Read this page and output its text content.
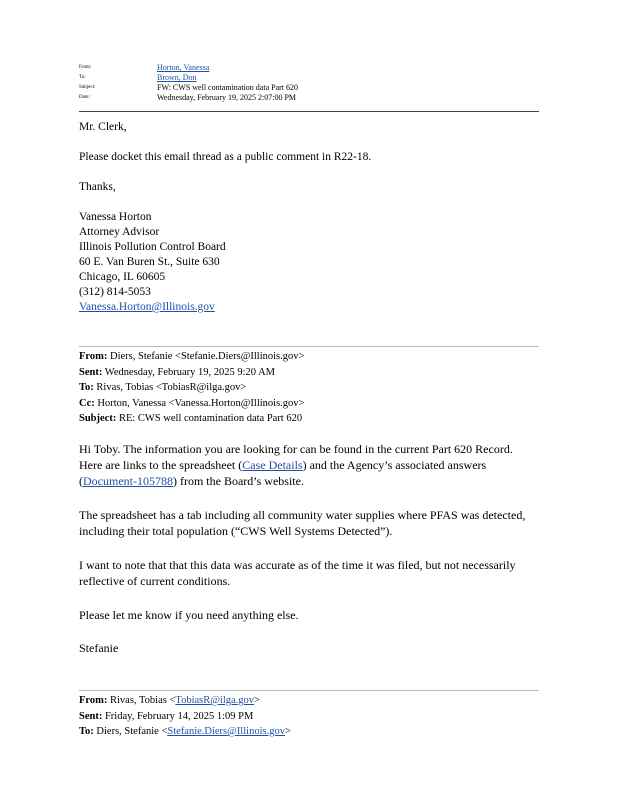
From:	Horton, Vanessa
To:	Brown, Don
Subject:	FW: CWS well contamination data Part 620
Date:	Wednesday, February 19, 2025 2:07:00 PM
Mr. Clerk,
Please docket this email thread as a public comment in R22-18.
Thanks,
Vanessa Horton
Attorney Advisor
Illinois Pollution Control Board
60 E. Van Buren St., Suite 630
Chicago, IL 60605
(312) 814-5053
Vanessa.Horton@Illinois.gov
From: Diers, Stefanie <Stefanie.Diers@Illinois.gov>
Sent: Wednesday, February 19, 2025 9:20 AM
To: Rivas, Tobias <TobiasR@ilga.gov>
Cc: Horton, Vanessa <Vanessa.Horton@Illinois.gov>
Subject: RE: CWS well contamination data Part 620
Hi Toby. The information you are looking for can be found in the current Part 620 Record. Here are links to the spreadsheet (Case Details) and the Agency’s associated answers (Document-105788) from the Board’s website.
The spreadsheet has a tab including all community water supplies where PFAS was detected, including their total population (“CWS Well Systems Detected”).
I want to note that that this data was accurate as of the time it was filed, but not necessarily reflective of current conditions.
Please let me know if you need anything else.
Stefanie
From: Rivas, Tobias <TobiasR@ilga.gov>
Sent: Friday, February 14, 2025 1:09 PM
To: Diers, Stefanie <Stefanie.Diers@Illinois.gov>
